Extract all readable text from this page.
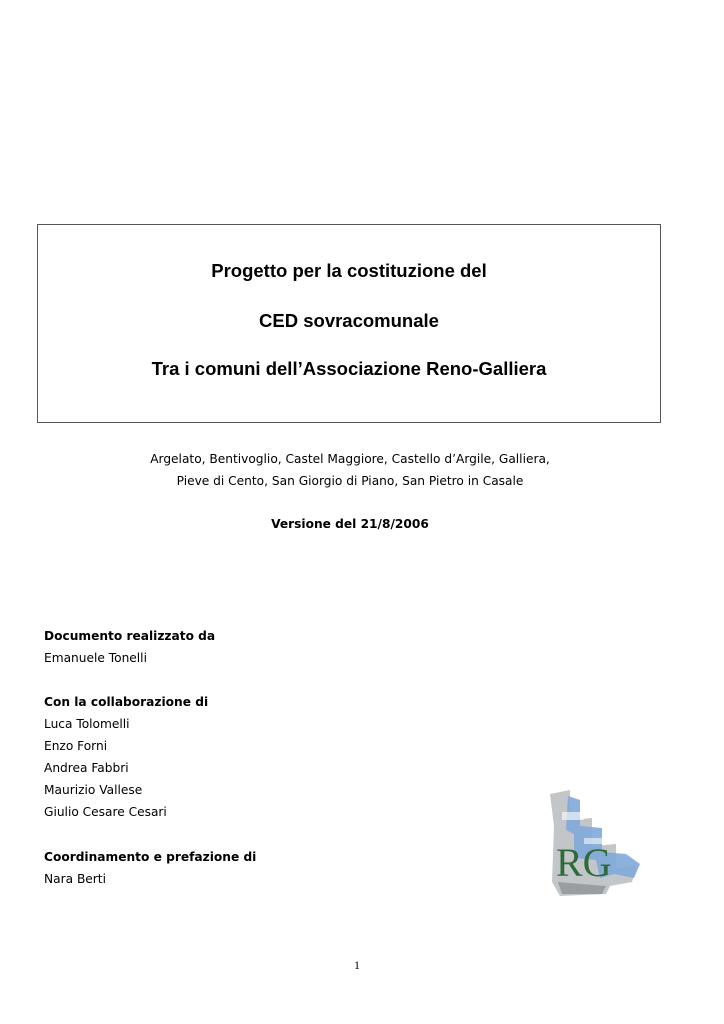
Progetto per la costituzione del
CED sovracomunale
Tra i comuni dell’Associazione Reno-Galliera
Argelato, Bentivoglio, Castel Maggiore, Castello d’Argile, Galliera,
Pieve di Cento, San Giorgio di Piano, San Pietro in Casale
Versione del 21/8/2006
Documento realizzato da
Emanuele Tonelli
Con la collaborazione di
Luca Tolomelli
Enzo Forni
Andrea Fabbri
Maurizio Vallese
Giulio Cesare Cesari
Coordinamento e prefazione di
Nara Berti	RG
1
